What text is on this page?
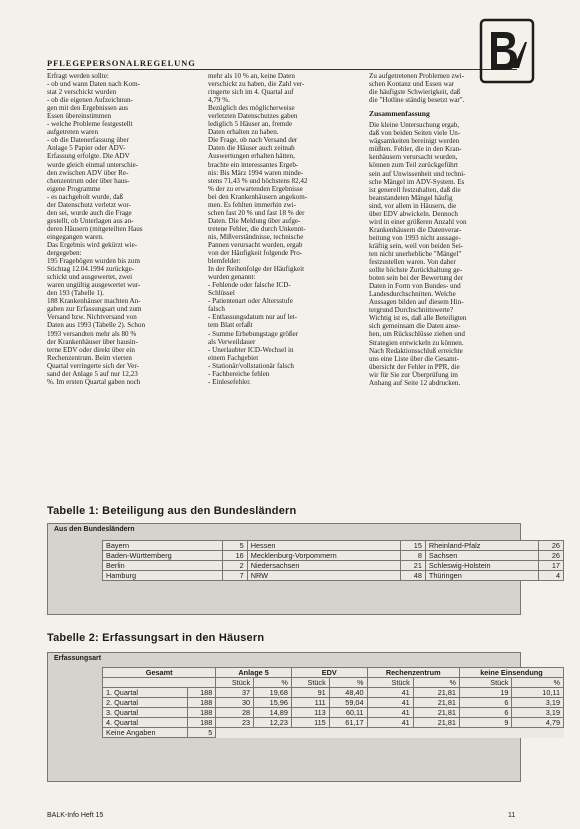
PFLEGEPERSONALREGELUNG
Erfragt werden sollte:
- ob und wann Daten nach Kom-
stat 2 verschickt wurden
- ob die eigenen Aufzeichnun-
gen mit den Ergebnissen aus
Essen übereinstimmen
- welche Probleme festgestellt
aufgetreten waren
- ob die Datenerfassung über
Anlage 5 Papier oder ADV-
Erfassung erfolgte. Die ADV
wurde gleich einmal unterschie-
den zwischen ADV über Re-
chenzentrum oder über haus-
eigene Programme
- es nachgeholt wurde, daß
der Datenschutz verletzt wor-
den sei, wurde auch die Frage
gestellt, ob Unterlagen aus an-
deren Häusern (mitgeteilten Haus
eingegangen waren.
Das Ergebnis wird gekürzt wie-
dergegeben:
195 Fragebögen wurden bis zum
Stichtag 12.04.1994 zurückge-
schickt und ausgewertet, zwei
waren ungültig ausgewertet wur-
den 193 (Tabelle 1).
188 Krankenhäuser machten An-
gaben zur Erfassungsart und zum
Versand bzw. Nichtversand von
Daten aus 1993 (Tabelle 2). Schon
1993 versandten mehr als 80 %
der Krankenhäuser über hausin-
terne EDV oder direkt über ein
Rechenzentrum. Beim vierten
Quartal verringerte sich der Ver-
sand der Anlage 5 auf nur 12,23
%. Im ersten Quartal gaben noch
mehr als 10 % an, keine Daten
verschickt zu haben, die Zahl ver-
ringerte sich im 4. Quartal auf
4,79 %.
Bezüglich des möglicherweise
verletzten Datenschutzes gaben
lediglich 5 Häuser an, fremde
Daten erhalten zu haben.
Die Frage, ob nach Versand der
Daten die Häuser auch zeitnah
Auswertungen erhalten hätten,
brachte ein interessantes Ergeb-
nis: Bis März 1994 waren minde-
stens 71,43 % und höchstens 82,42
% der zu erwartenden Ergebnisse
bei den Krankenhäusern angekom-
men. Es fehlten immerhin zwi-
schen fast 20 % und fast 18 % der
Daten. Die Meldung über aufge-
tretene Fehler, die durch Unkennt-
nis, Mißverständnisse, technische
Pannen verursacht wurden, ergab
von der Häufigkeit folgende Pro-
blemfelder:
In der Reihenfolge der Häufigkeit
wurden genannt:
- Fehlende oder falsche ICD-
Schlüssel
- Patientenart oder Altersstufe
falsch
- Entlassungsdatum nur auf let-
tem Blatt erfaßt
- Summe Erhebungstage größer
als Verweildauer
- Unerlaubter ICD-Wechsel in
einem Fachgebiet
- Stationär/vollstationär falsch
- Fachbereiche fehlen
- Einlesefehler.
Zu aufgetretenen Problemen zwi-
schen Kontanz und Essen war
die häufigste Schwierigkeit, daß
die "Hotline ständig besetzt war".
Zusammenfassung
Die kleine Untersuchung ergab,
daß von beiden Seiten viele Un-
wägsamkeiten bereinigt werden
müßten. Fehler, die in den Kran-
kenhäusern verursacht wurden,
können zum Teil zurückgeführt
sein auf Unwissenheit und techni-
sche Mängel im ADV-System. Es
ist generell festzuhalten, daß die
beanstandeten Mängel häufig
sind, vor allem in Häusern, die
über EDV abwickeln. Dennoch
wird in einer größeren Anzahl von
Krankenhäusern die Datenverar-
beitung von 1993 nicht aussage-
kräftig sein, weil von beiden Sei-
ten nicht unerhebliche "Mängel"
festzustellen waren. Von daher
sollte höchste Zurückhaltung ge-
boten sein bei der Bewertung der
Daten in Form von Bundes- und
Landesdurchschnitten. Welche
Aussagen bilden auf diesem Hin-
tergrund Durchschnittswerte?
Wichtig ist es, daß alle Beteiligten
sich gemeinsam die Daten anse-
hen, um Rückschlüsse ziehen und
Strategien entwickeln zu können.
Nach Redaktionsschluß erreichte
uns eine Liste über die Gesamt-
übersicht der Fehler in PPR, die
wir für Sie zur Überprüfung im
Anhang auf Seite 12 abdrucken.
Tabelle 1: Beteiligung aus den Bundesländern
Aus den Bundesländern
Bayern	5	Hessen	15	Rheinland-Pfalz	26
Baden-Württemberg	16	Mecklenburg-Vorpommern	8	Sachsen	26
Berlin	2	Niedersachsen	21	Schleswig-Holstein	17
Hamburg	7	NRW	48	Thüringen	4
Tabelle 2: Erfassungsart in den Häusern
Erfassungsart
Gesamt		Anlage 5		EDV		Rechenzentrum		keine Einsendung	
		Stück	%	Stück	%	Stück	%	Stück	%
1. Quartal	188	37	19,68	91	48,40	41	21,81	19	10,11
2. Quartal	188	30	15,96	111	59,04	41	21,81	6	3,19
3. Quartal	188	28	14,89	113	60,11	41	21,81	6	3,19
4. Quartal	188	23	12,23	115	61,17	41	21,81	9	4,79
Keine Angaben	5								
BALK-Info Heft 15	11
